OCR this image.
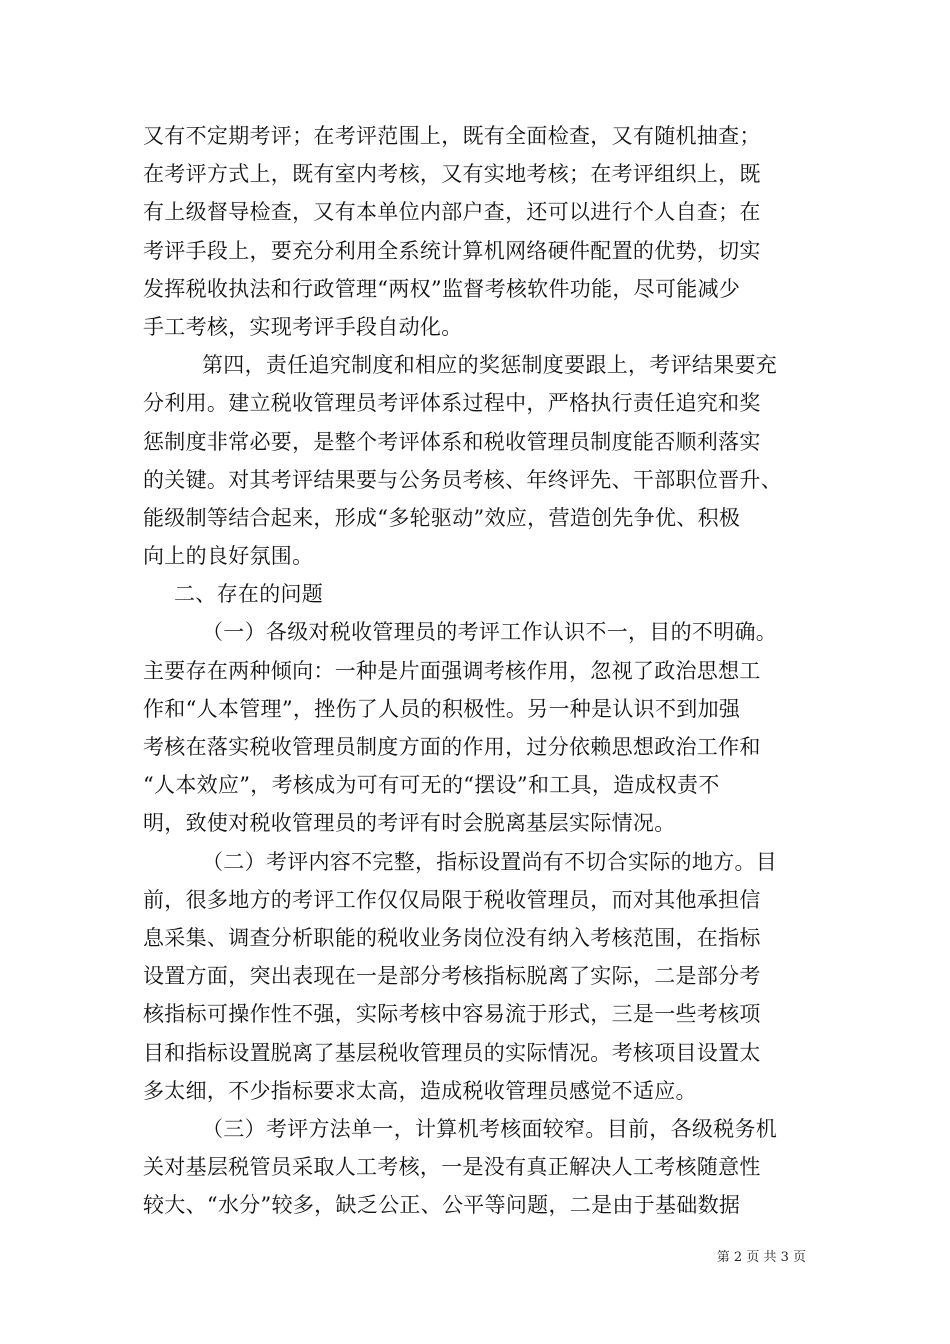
又有不定期考评；在考评范围上，既有全面检查，又有随机抽查；
在考评方式上，既有室内考核，又有实地考核；在考评组织上，既
有上级督导检查，又有本单位内部户查，还可以进行个人自查；在
考评手段上，要充分利用全系统计算机网络硬件配置的优势，切实
发挥税收执法和行政管理“两权”监督考核软件功能，尽可能减少
手工考核，实现考评手段自动化。
第四，责任追究制度和相应的奖惩制度要跟上，考评结果要充
分利用。建立税收管理员考评体系过程中，严格执行责任追究和奖
惩制度非常必要，是整个考评体系和税收管理员制度能否顺利落实
的关键。对其考评结果要与公务员考核、年终评先、干部职位晋升、
能级制等结合起来，形成“多轮驱动”效应，营造创先争优、积极
向上的良好氛围。
二、存在的问题
（一）各级对税收管理员的考评工作认识不一，目的不明确。
主要存在两种倾向：一种是片面强调考核作用，忽视了政治思想工
作和“人本管理”，挫伤了人员的积极性。另一种是认识不到加强
考核在落实税收管理员制度方面的作用，过分依赖思想政治工作和
“人本效应”，考核成为可有可无的“摆设”和工具，造成权责不
明，致使对税收管理员的考评有时会脱离基层实际情况。
（二）考评内容不完整，指标设置尚有不切合实际的地方。目
前，很多地方的考评工作仅仅局限于税收管理员，而对其他承担信
息采集、调查分析职能的税收业务岗位没有纳入考核范围，在指标
设置方面，突出表现在一是部分考核指标脱离了实际，二是部分考
核指标可操作性不强，实际考核中容易流于形式，三是一些考核项
目和指标设置脱离了基层税收管理员的实际情况。考核项目设置太
多太细，不少指标要求太高，造成税收管理员感觉不适应。
（三）考评方法单一，计算机考核面较窄。目前，各级税务机
关对基层税管员采取人工考核，一是没有真正解决人工考核随意性
较大、“水分”较多，缺乏公正、公平等问题，二是由于基础数据
第 2 页 共 3 页
